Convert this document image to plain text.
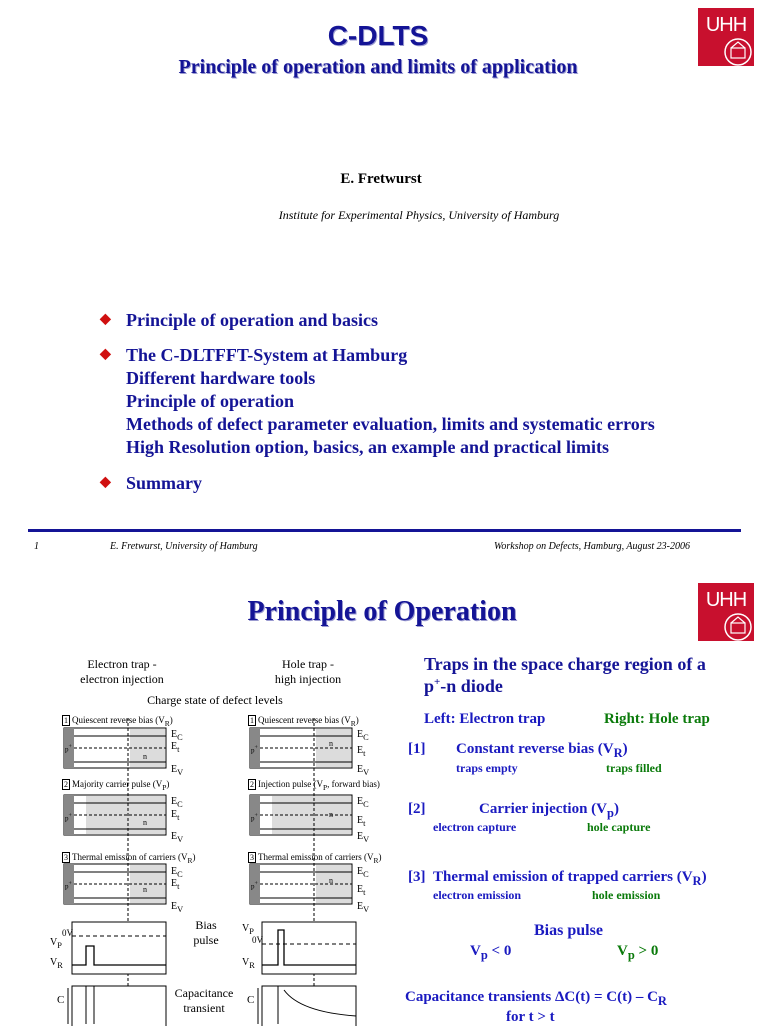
UHH
C-DLTS
Principle of operation and limits of application
E. Fretwurst
Institute for Experimental Physics, University of Hamburg
◆ Principle of operation and basics
◆ The C-DLTFFT-System at Hamburg
Different hardware tools
Principle of operation
Methods of defect parameter evaluation, limits and systematic errors
High Resolution option, basics, an example and practical limits
◆ Summary
1	E. Fretwurst, University of Hamburg	Workshop on Defects, Hamburg, August 23-2006
UHH
Principle of Operation
Electron trap -
electron injection
Hole trap -
high injection
Charge state of defect levels
1 Quiescent reverse bias $(V_R)$
2 Majority carrier pulse $(V_P)$
3 Thermal emission of carriers $(V_R)$
1 Quiescent reverse bias $(V_R)$
2 Injection pulse ($V_P$, forward bias)
3 Thermal emission of carriers $(V_R)$
$E_C$
$E_t$
$E_V$
$E_C$
$E_t$
$E_V$
$E_C$
$E_t$
$E_V$
$E_C$
$E_t$
$E_V$
$E_C$
$E_t$
$E_V$
$E_C$
$E_t$
$E_V$
p+
n
p+
n
p+
n
p+	n
p+	n
p+	n
Bias
pulse
Capacitance
transient
0V
$V_P$
$V_R$
$V_P$
0V
$V_R$
C	C
Traps in the space charge region of a
p+-n diode
Left: Electron trap	Right: Hole trap
[1] Constant reverse bias $(V_R)$
traps empty	traps filled
[2]	Carrier injection $(V_p)$
electron capture	hole capture
[3] Thermal emission of trapped carriers $(V_R)$
electron emission	hole emission
Bias pulse
$V_p < 0$	$V_p > 0$
Capacitance transients $\Delta C(t) = C(t) - C_R$
for t > t
